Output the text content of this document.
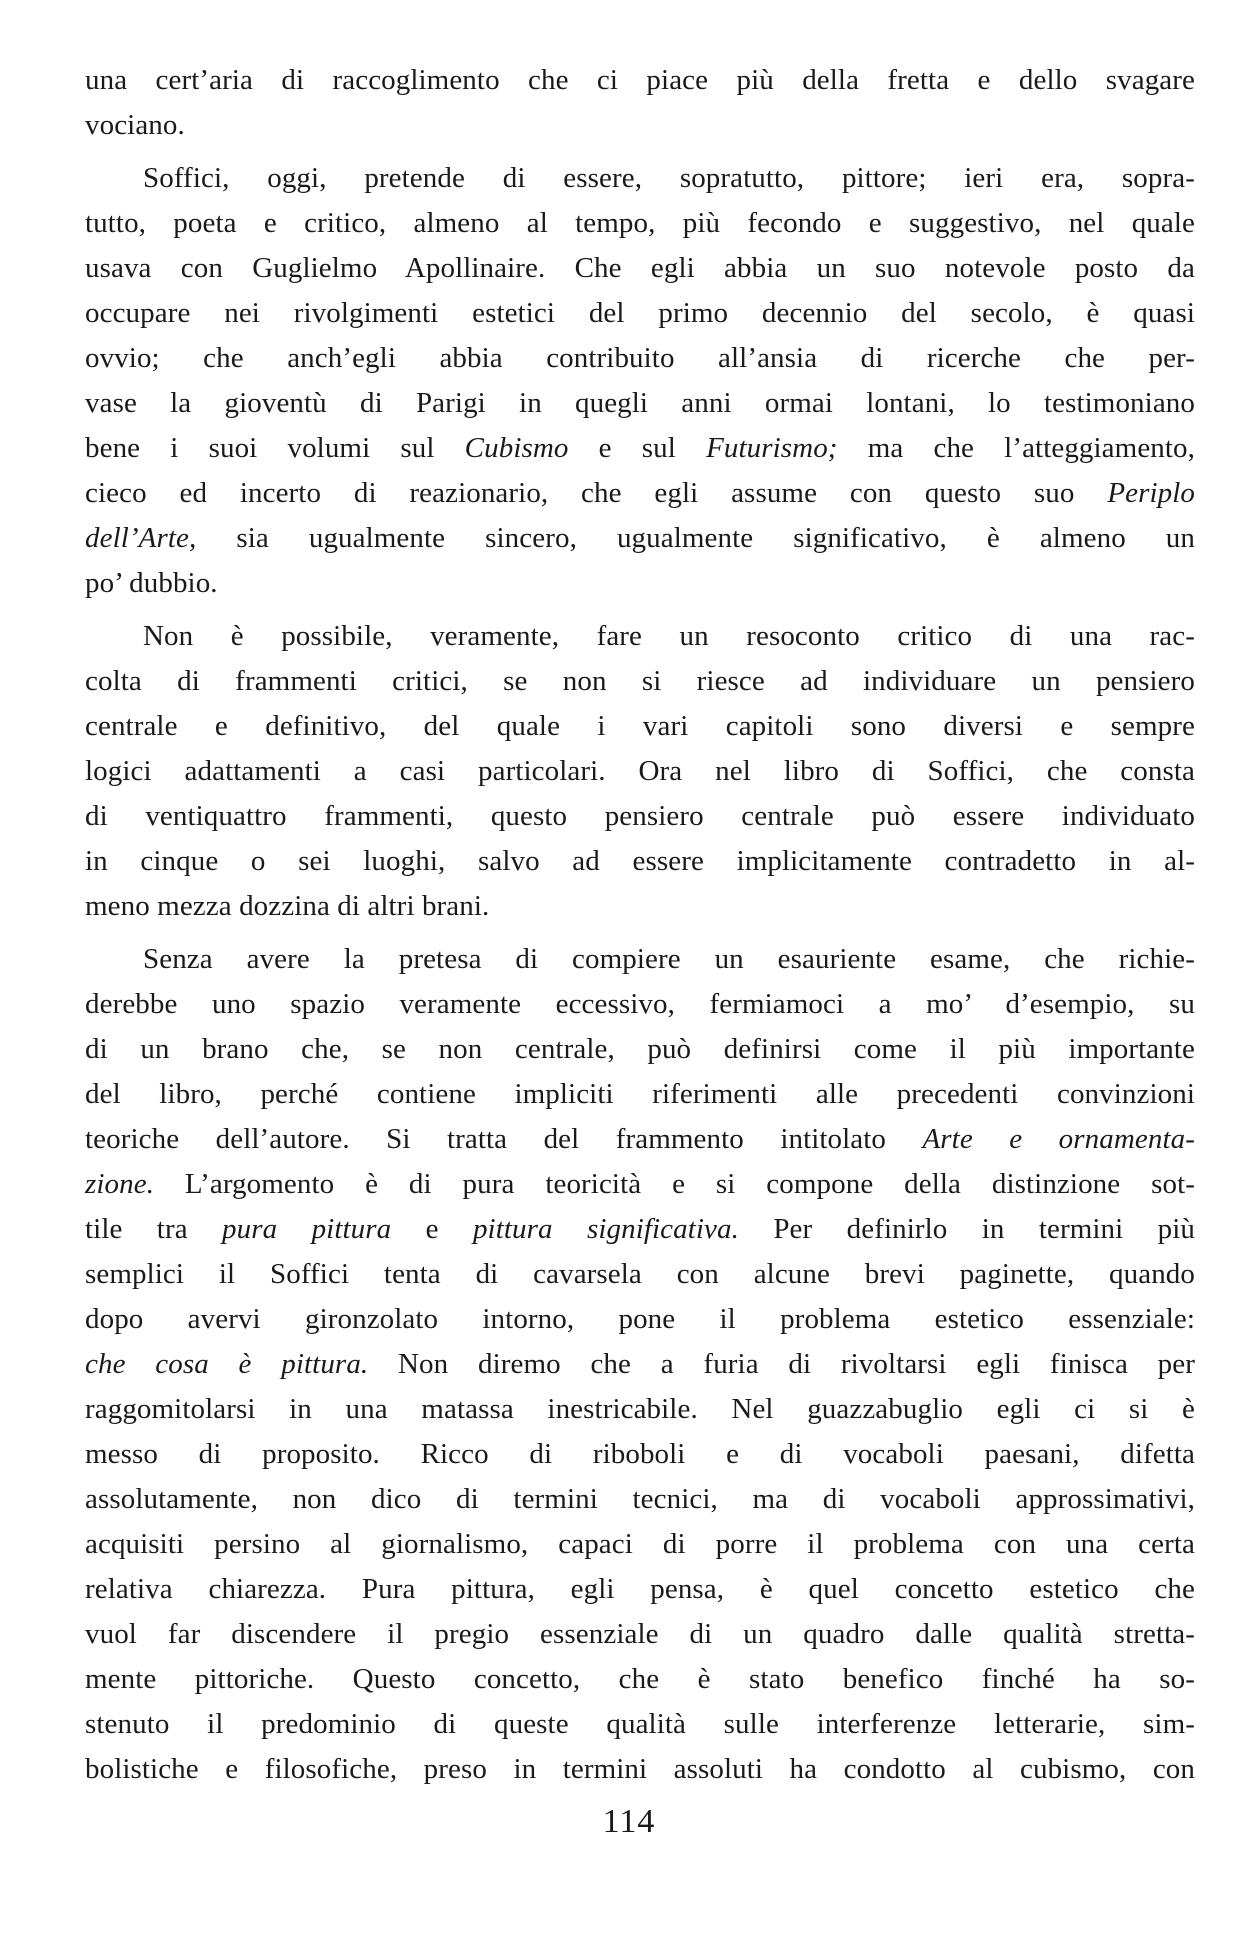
una cert’aria di raccoglimento che ci piace più della fretta e dello svagare
vociano.

Soffici, oggi, pretende di essere, sopratutto, pittore; ieri era, sopra-
tutto, poeta e critico, almeno al tempo, più fecondo e suggestivo, nel quale
usava con Guglielmo Apollinaire. Che egli abbia un suo notevole posto da
occupare nei rivolgimenti estetici del primo decennio del secolo, è quasi
ovvio; che anch’egli abbia contribuito all’ansia di ricerche che per-
vase la gioventù di Parigi in quegli anni ormai lontani, lo testimoniano
bene i suoi volumi sul Cubismo e sul Futurismo; ma che l’atteggiamento,
cieco ed incerto di reazionario, che egli assume con questo suo Periplo
dell’Arte, sia ugualmente sincero, ugualmente significativo, è almeno un
po’ dubbio.

Non è possibile, veramente, fare un resoconto critico di una rac-
colta di frammenti critici, se non si riesce ad individuare un pensiero
centrale e definitivo, del quale i vari capitoli sono diversi e sempre
logici adattamenti a casi particolari. Ora nel libro di Soffici, che consta
di ventiquattro frammenti, questo pensiero centrale può essere individuato
in cinque o sei luoghi, salvo ad essere implicitamente contradetto in al-
meno mezza dozzina di altri brani.

Senza avere la pretesa di compiere un esauriente esame, che richie-
derebbe uno spazio veramente eccessivo, fermiamoci a mo’ d’esempio, su
di un brano che, se non centrale, può definirsi come il più importante
del libro, perché contiene impliciti riferimenti alle precedenti convinzioni
teoriche dell’autore. Si tratta del frammento intitolato Arte e ornamenta-
zione. L’argomento è di pura teoricità e si compone della distinzione sot-
tile tra pura pittura e pittura significativa. Per definirlo in termini più
semplici il Soffici tenta di cavarsela con alcune brevi paginette, quando
dopo avervi gironzolato intorno, pone il problema estetico essenziale:
che cosa è pittura. Non diremo che a furia di rivoltarsi egli finisca per
raggomitolarsi in una matassa inestricabile. Nel guazzabuglio egli ci si è
messo di proposito. Ricco di riboboli e di vocaboli paesani, difetta
assolutamente, non dico di termini tecnici, ma di vocaboli approssimativi,
acquisiti persino al giornalismo, capaci di porre il problema con una certa
relativa chiarezza. Pura pittura, egli pensa, è quel concetto estetico che
vuol far discendere il pregio essenziale di un quadro dalle qualità stretta-
mente pittoriche. Questo concetto, che è stato benefico finché ha so-
stenuto il predominio di queste qualità sulle interferenze letterarie, sim-
bolistiche e filosofiche, preso in termini assoluti ha condotto al cubismo, con

114
